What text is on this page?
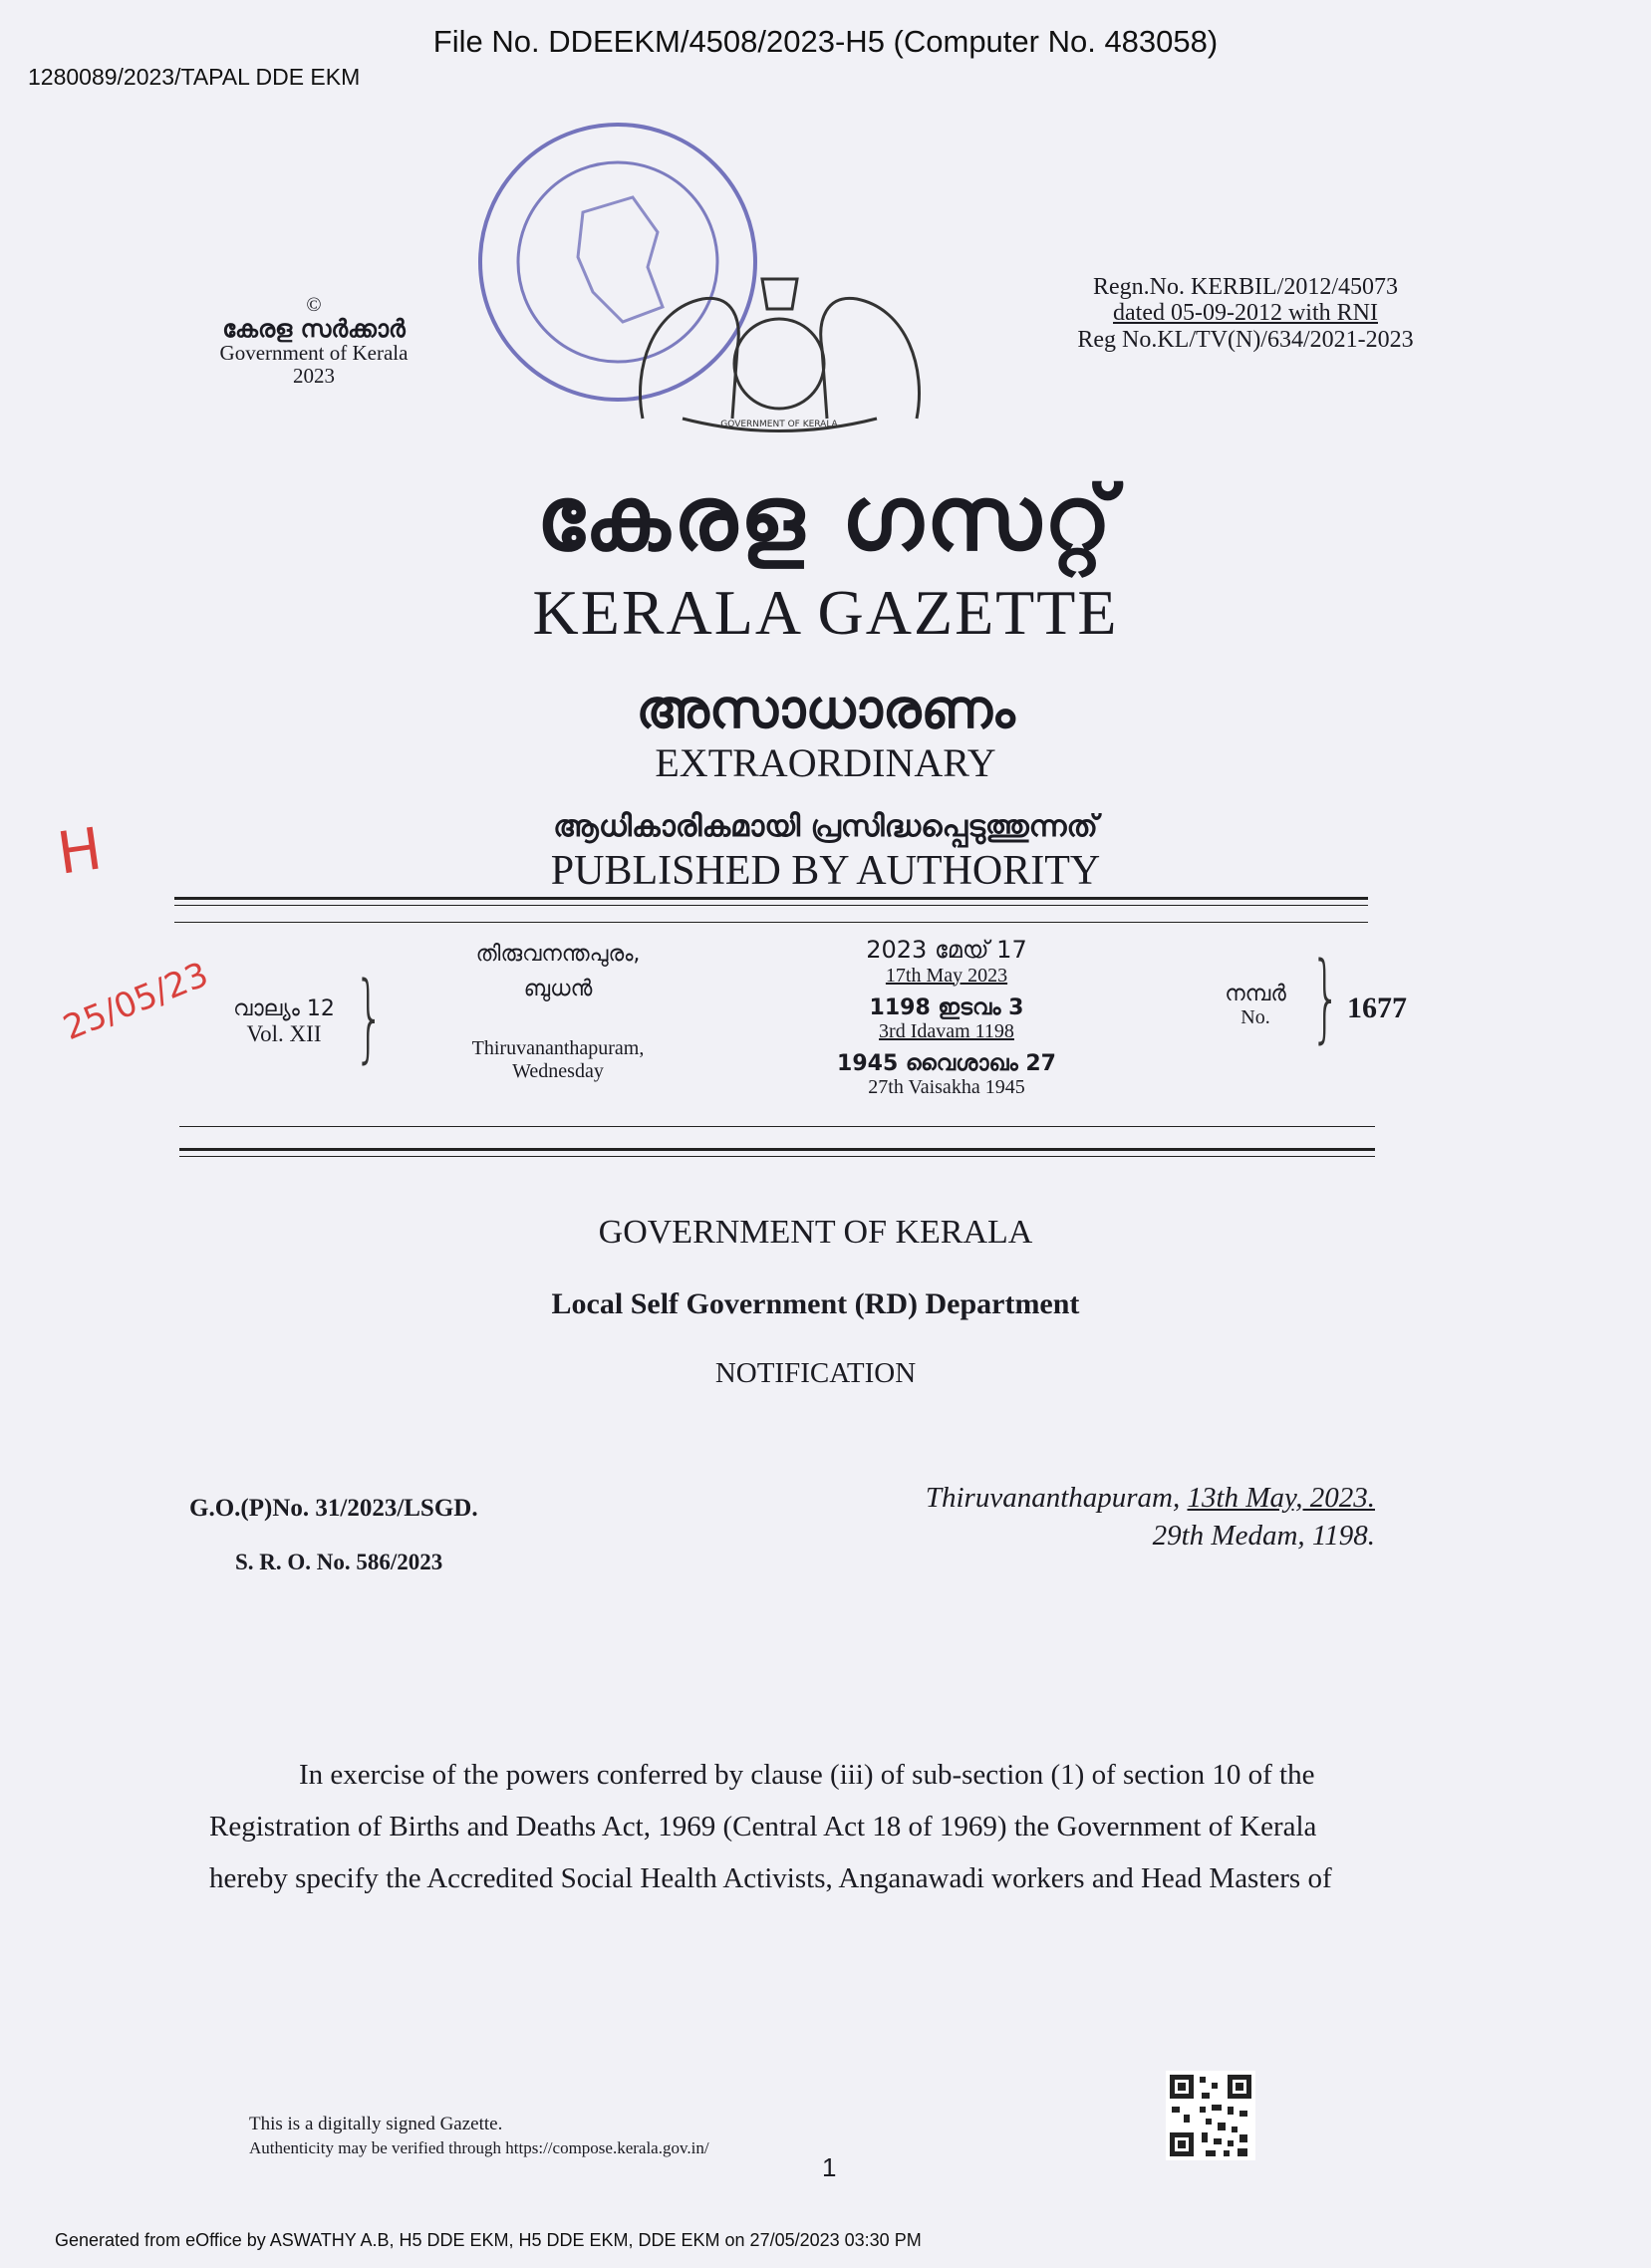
File No. DDEEKM/4508/2023-H5 (Computer No. 483058)
1280089/2023/TAPAL DDE EKM
GOVERNMENT OF KERALA
©
കേരള സർക്കാർ
Government of Kerala
2023
Regn.No. KERBIL/2012/45073
dated 05-09-2012 with RNI
Reg No.KL/TV(N)/634/2021-2023
കേരള ഗസറ്റ്
KERALA GAZETTE
അസാധാരണം
EXTRAORDINARY
ആധികാരികമായി പ്രസിദ്ധപ്പെടുത്തുന്നത്
PUBLISHED BY AUTHORITY
H
25/05/23 വാല്യം 12
Vol. XII }
തിരുവനന്തപുരം,
ബുധൻ
Thiruvananthapuram,
Wednesday
2023 മേയ് 17
17th May 2023
1198 ഇടവം 3
3rd Idavam 1198
1945 വൈശാഖം 27
27th Vaisakha 1945
നമ്പർ
No. } 1677
GOVERNMENT OF KERALA
Local Self Government (RD) Department
NOTIFICATION
G.O.(P)No. 31/2023/LSGD.
S. R. O. No. 586/2023
Thiruvananthapuram, 13th May, 2023.
29th Medam, 1198.
In exercise of the powers conferred by clause (iii) of sub-section (1) of section 10 of the
Registration of Births and Deaths Act, 1969 (Central Act 18 of 1969) the Government of Kerala
hereby specify the Accredited Social Health Activists, Anganawadi workers and Head Masters of
This is a digitally signed Gazette.
Authenticity may be verified through https://compose.kerala.gov.in/
1
Generated from eOffice by ASWATHY A.B, H5 DDE EKM, H5 DDE EKM, DDE EKM on 27/05/2023 03:30 PM
